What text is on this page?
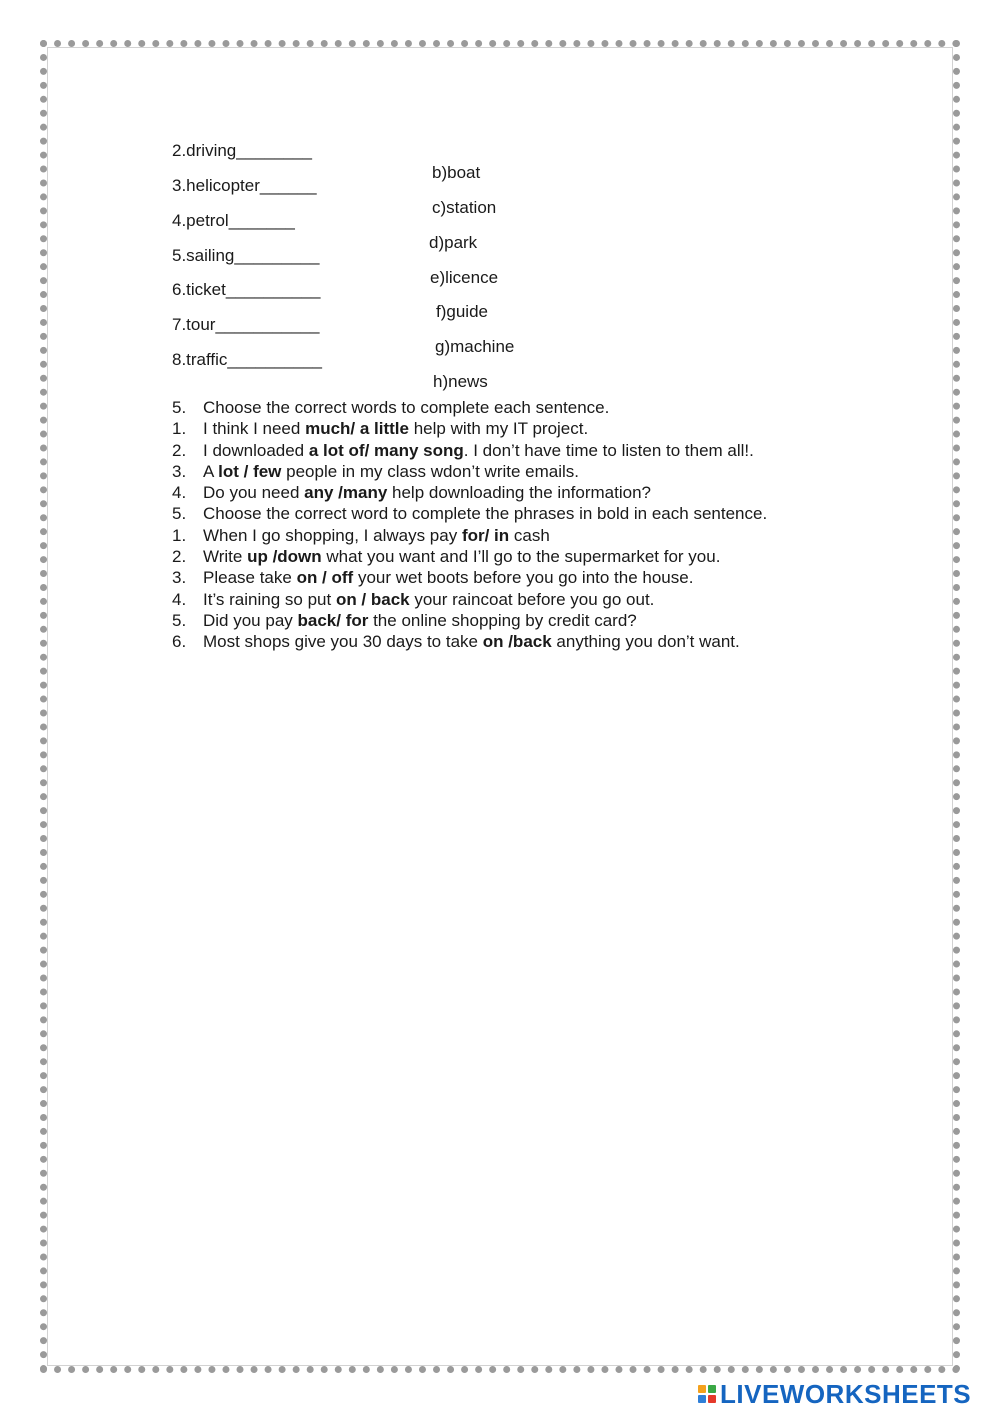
2.driving________

b)boat

3.helicopter______

c)station

4.petrol_______

d)park

5.sailing_________

e)licence

6.ticket__________

f)guide

7.tour___________

g)machine

8.traffic__________

h)news

5. Choose the correct words to complete each sentence.
1. I think I need much/ a little help with my IT project.
2. I downloaded a lot of/ many song. I don’t have time to listen to them all!.
3. A lot / few people in my class wdon’t write emails.
4. Do you need any /many help downloading the information?
5. Choose the correct word to complete the phrases in bold in each sentence.
1. When I go shopping, I always pay for/ in cash
2. Write up /down what you want and I’ll go to the supermarket for you.
3. Please take on / off your wet boots before you go into the house.
4. It’s raining so put on / back your raincoat before you go out.
5. Did you pay back/ for the online shopping by credit card?
6. Most shops give you 30 days to take on /back anything you don’t want.
LIVEWORKSHEETS
